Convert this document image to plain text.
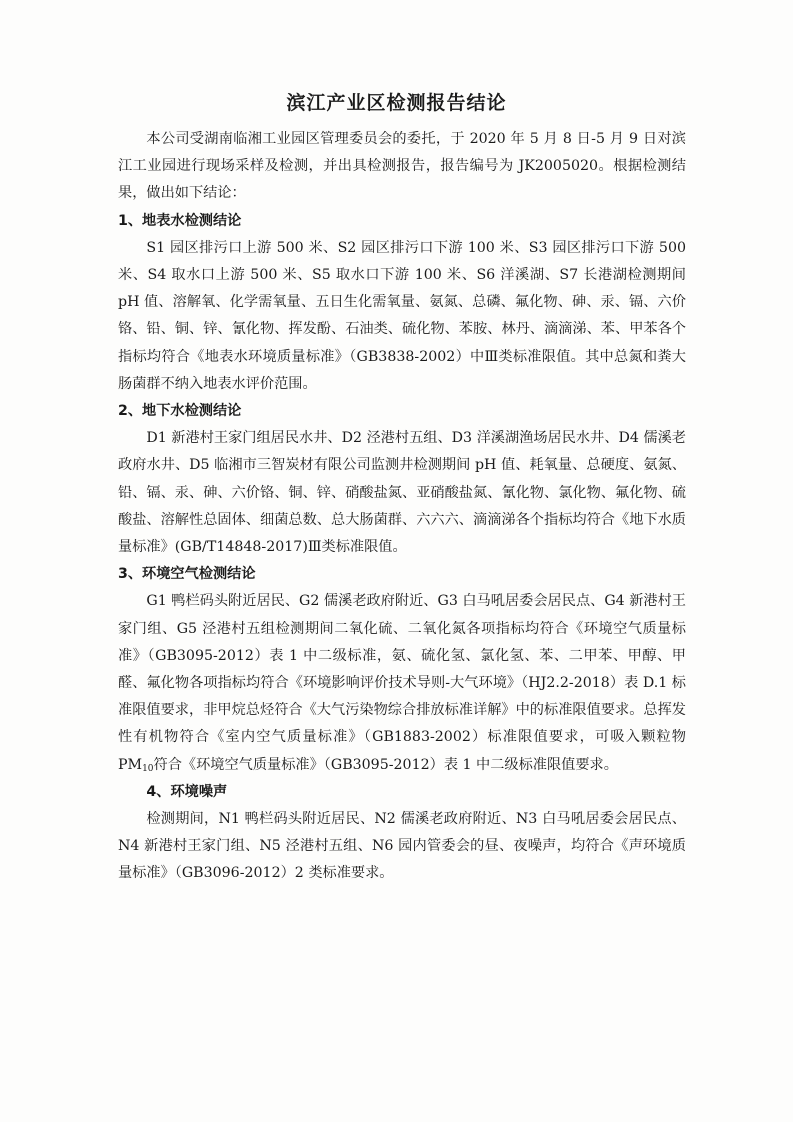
滨江产业区检测报告结论

本公司受湖南临湘工业园区管理委员会的委托，于 2020 年 5 月 8 日-5 月 9 日对滨江工业园进行现场采样及检测，并出具检测报告，报告编号为 JK2005020。根据检测结果，做出如下结论：

1、地表水检测结论

S1 园区排污口上游 500 米、S2 园区排污口下游 100 米、S3 园区排污口下游 500 米、S4 取水口上游 500 米、S5 取水口下游 100 米、S6 洋溪湖、S7 长港湖检测期间 pH 值、溶解氧、化学需氧量、五日生化需氧量、氨氮、总磷、氟化物、砷、汞、镉、六价铬、铅、铜、锌、氰化物、挥发酚、石油类、硫化物、苯胺、林丹、滴滴涕、苯、甲苯各个指标均符合《地表水环境质量标准》（GB3838-2002）中Ⅲ类标准限值。其中总氮和粪大肠菌群不纳入地表水评价范围。

2、地下水检测结论

D1 新港村王家门组居民水井、D2 泾港村五组、D3 洋溪湖渔场居民水井、D4 儒溪老政府水井、D5 临湘市三智炭材有限公司监测井检测期间 pH 值、耗氧量、总硬度、氨氮、铅、镉、汞、砷、六价铬、铜、锌、硝酸盐氮、亚硝酸盐氮、氰化物、氯化物、氟化物、硫酸盐、溶解性总固体、细菌总数、总大肠菌群、六六六、滴滴涕各个指标均符合《地下水质量标准》(GB/T14848-2017)Ⅲ类标准限值。

3、环境空气检测结论

G1 鸭栏码头附近居民、G2 儒溪老政府附近、G3 白马吼居委会居民点、G4 新港村王家门组、G5 泾港村五组检测期间二氧化硫、二氧化氮各项指标均符合《环境空气质量标准》（GB3095-2012）表 1 中二级标准，氨、硫化氢、氯化氢、苯、二甲苯、甲醇、甲醛、氟化物各项指标均符合《环境影响评价技术导则-大气环境》（HJ2.2-2018）表 D.1 标准限值要求，非甲烷总烃符合《大气污染物综合排放标准详解》中的标准限值要求。总挥发性有机物符合《室内空气质量标准》（GB1883-2002）标准限值要求，可吸入颗粒物 $PM_{10}$符合《环境空气质量标准》（GB3095-2012）表 1 中二级标准限值要求。

4、环境噪声

检测期间，N1 鸭栏码头附近居民、N2 儒溪老政府附近、N3 白马吼居委会居民点、N4 新港村王家门组、N5 泾港村五组、N6 园内管委会的昼、夜噪声，均符合《声环境质量标准》（GB3096-2012）2 类标准要求。
